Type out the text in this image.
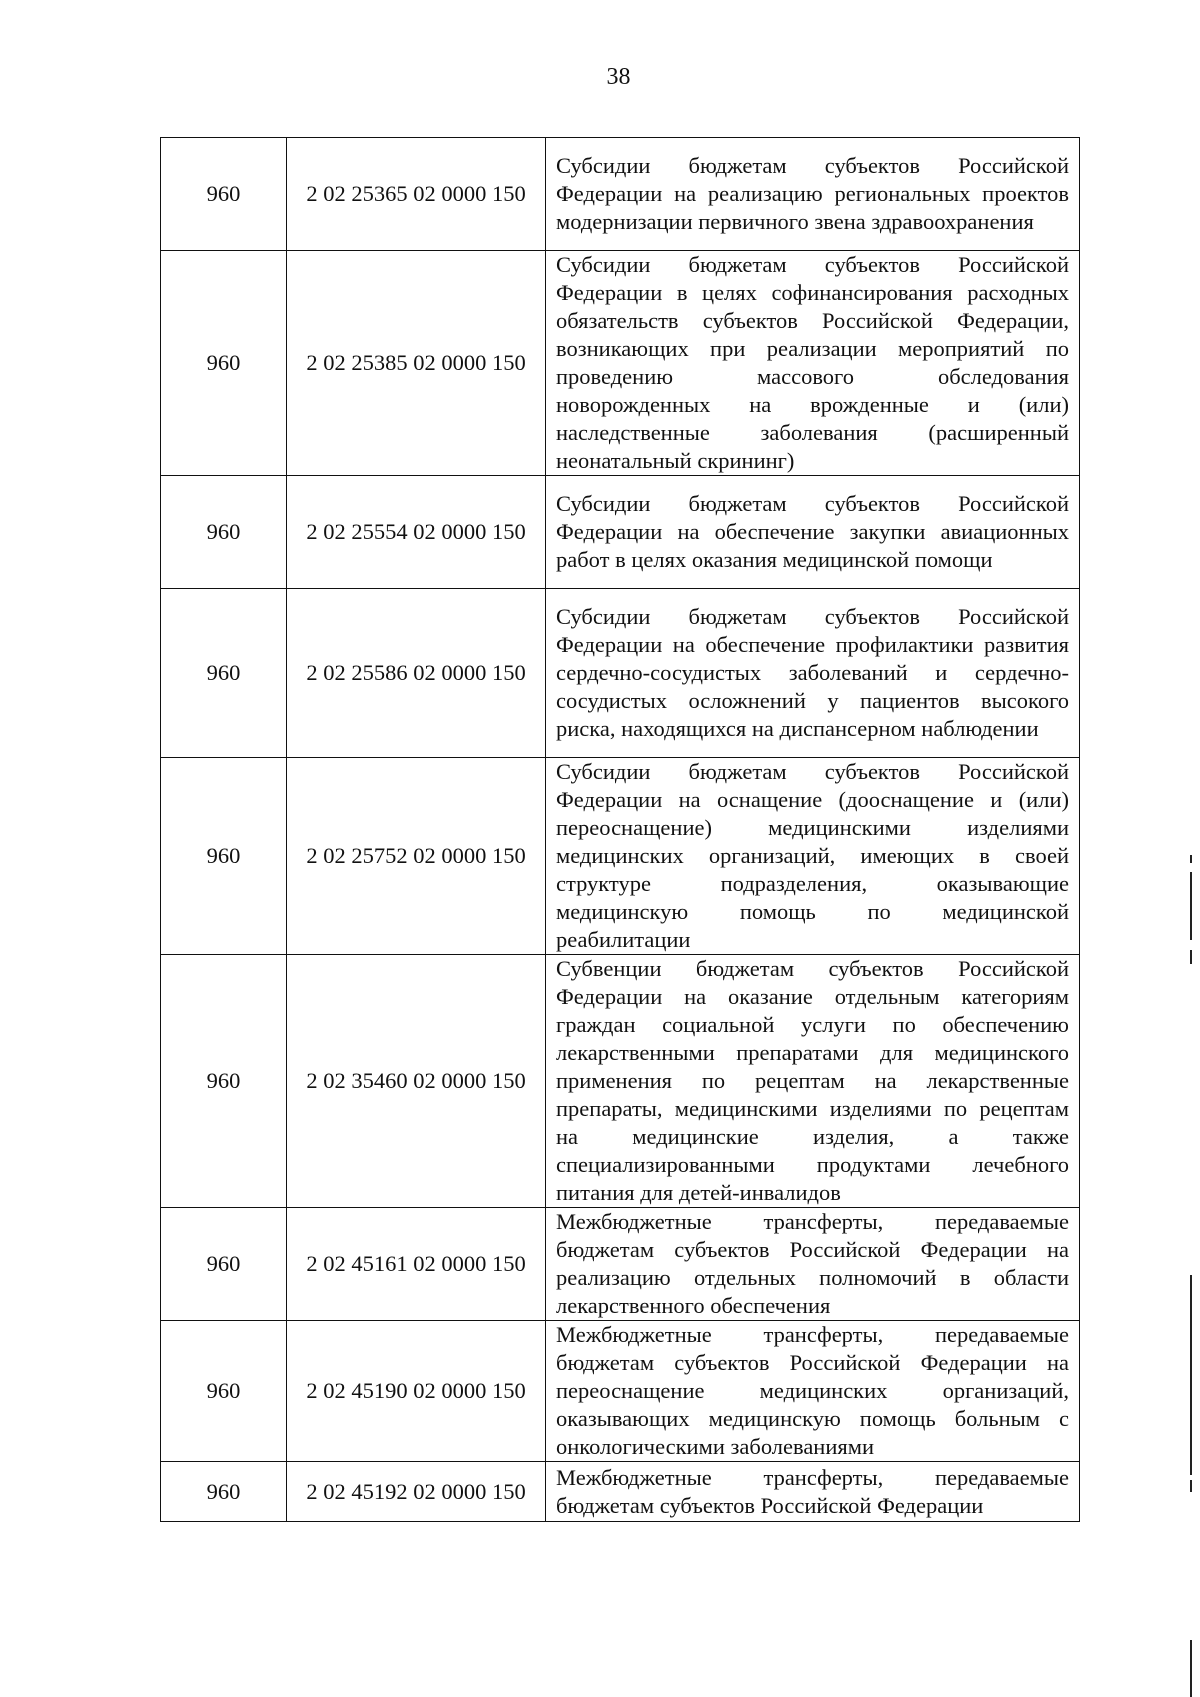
38
960	2 02 25365 02 0000 150	Субсидии бюджетам субъектов Российской Федерации на реализацию региональных проектов модернизации первичного звена здравоохранения

960	2 02 25385 02 0000 150	Субсидии бюджетам субъектов Российской Федерации в целях софинансирования расходных обязательств субъектов Российской Федерации, возникающих при реализации мероприятий по проведению массового обследования новорожденных на врожденные и (или) наследственные заболевания (расширенный неонатальный скрининг)

960	2 02 25554 02 0000 150	Субсидии бюджетам субъектов Российской Федерации на обеспечение закупки авиационных работ в целях оказания медицинской помощи

960	2 02 25586 02 0000 150	Субсидии бюджетам субъектов Российской Федерации на обеспечение профилактики развития сердечно-сосудистых заболеваний и сердечно-сосудистых осложнений у пациентов высокого риска, находящихся на диспансерном наблюдении

960	2 02 25752 02 0000 150	Субсидии бюджетам субъектов Российской Федерации на оснащение (дооснащение и (или) переоснащение) медицинскими изделиями медицинских организаций, имеющих в своей структуре подразделения, оказывающие медицинскую помощь по медицинской реабилитации

960	2 02 35460 02 0000 150	Субвенции бюджетам субъектов Российской Федерации на оказание отдельным категориям граждан социальной услуги по обеспечению лекарственными препаратами для медицинского применения по рецептам на лекарственные препараты, медицинскими изделиями по рецептам на медицинские изделия, а также специализированными продуктами лечебного питания для детей-инвалидов

960	2 02 45161 02 0000 150	Межбюджетные трансферты, передаваемые бюджетам субъектов Российской Федерации на реализацию отдельных полномочий в области лекарственного обеспечения

960	2 02 45190 02 0000 150	Межбюджетные трансферты, передаваемые бюджетам субъектов Российской Федерации на переоснащение медицинских организаций, оказывающих медицинскую помощь больным с онкологическими заболеваниями

960	2 02 45192 02 0000 150	Межбюджетные трансферты, передаваемые бюджетам субъектов Российской Федерации
